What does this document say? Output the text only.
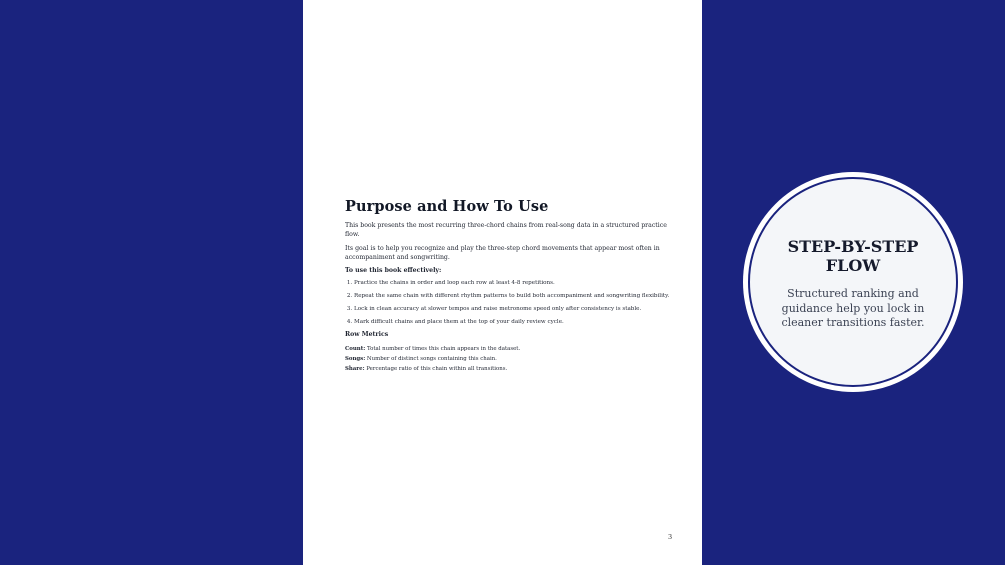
Purpose and How To Use

This book presents the most recurring three-chord chains from real-song data in a structured practice flow.

Its goal is to help you recognize and play the three-step chord movements that appear most often in accompaniment and songwriting.

To use this book effectively:
1. Practice the chains in order and loop each row at least 4-8 repetitions.
2. Repeat the same chain with different rhythm patterns to build both accompaniment and songwriting flexibility.
3. Lock in clean accuracy at slower tempos and raise metronome speed only after consistency is stable.
4. Mark difficult chains and place them at the top of your daily review cycle.
Row Metrics
Count: Total number of times this chain appears in the dataset.
Songs: Number of distinct songs containing this chain.
Share: Percentage ratio of this chain within all transitions.
3
STEP-BY-STEP FLOW
Structured ranking and guidance help you lock in cleaner transitions faster.
